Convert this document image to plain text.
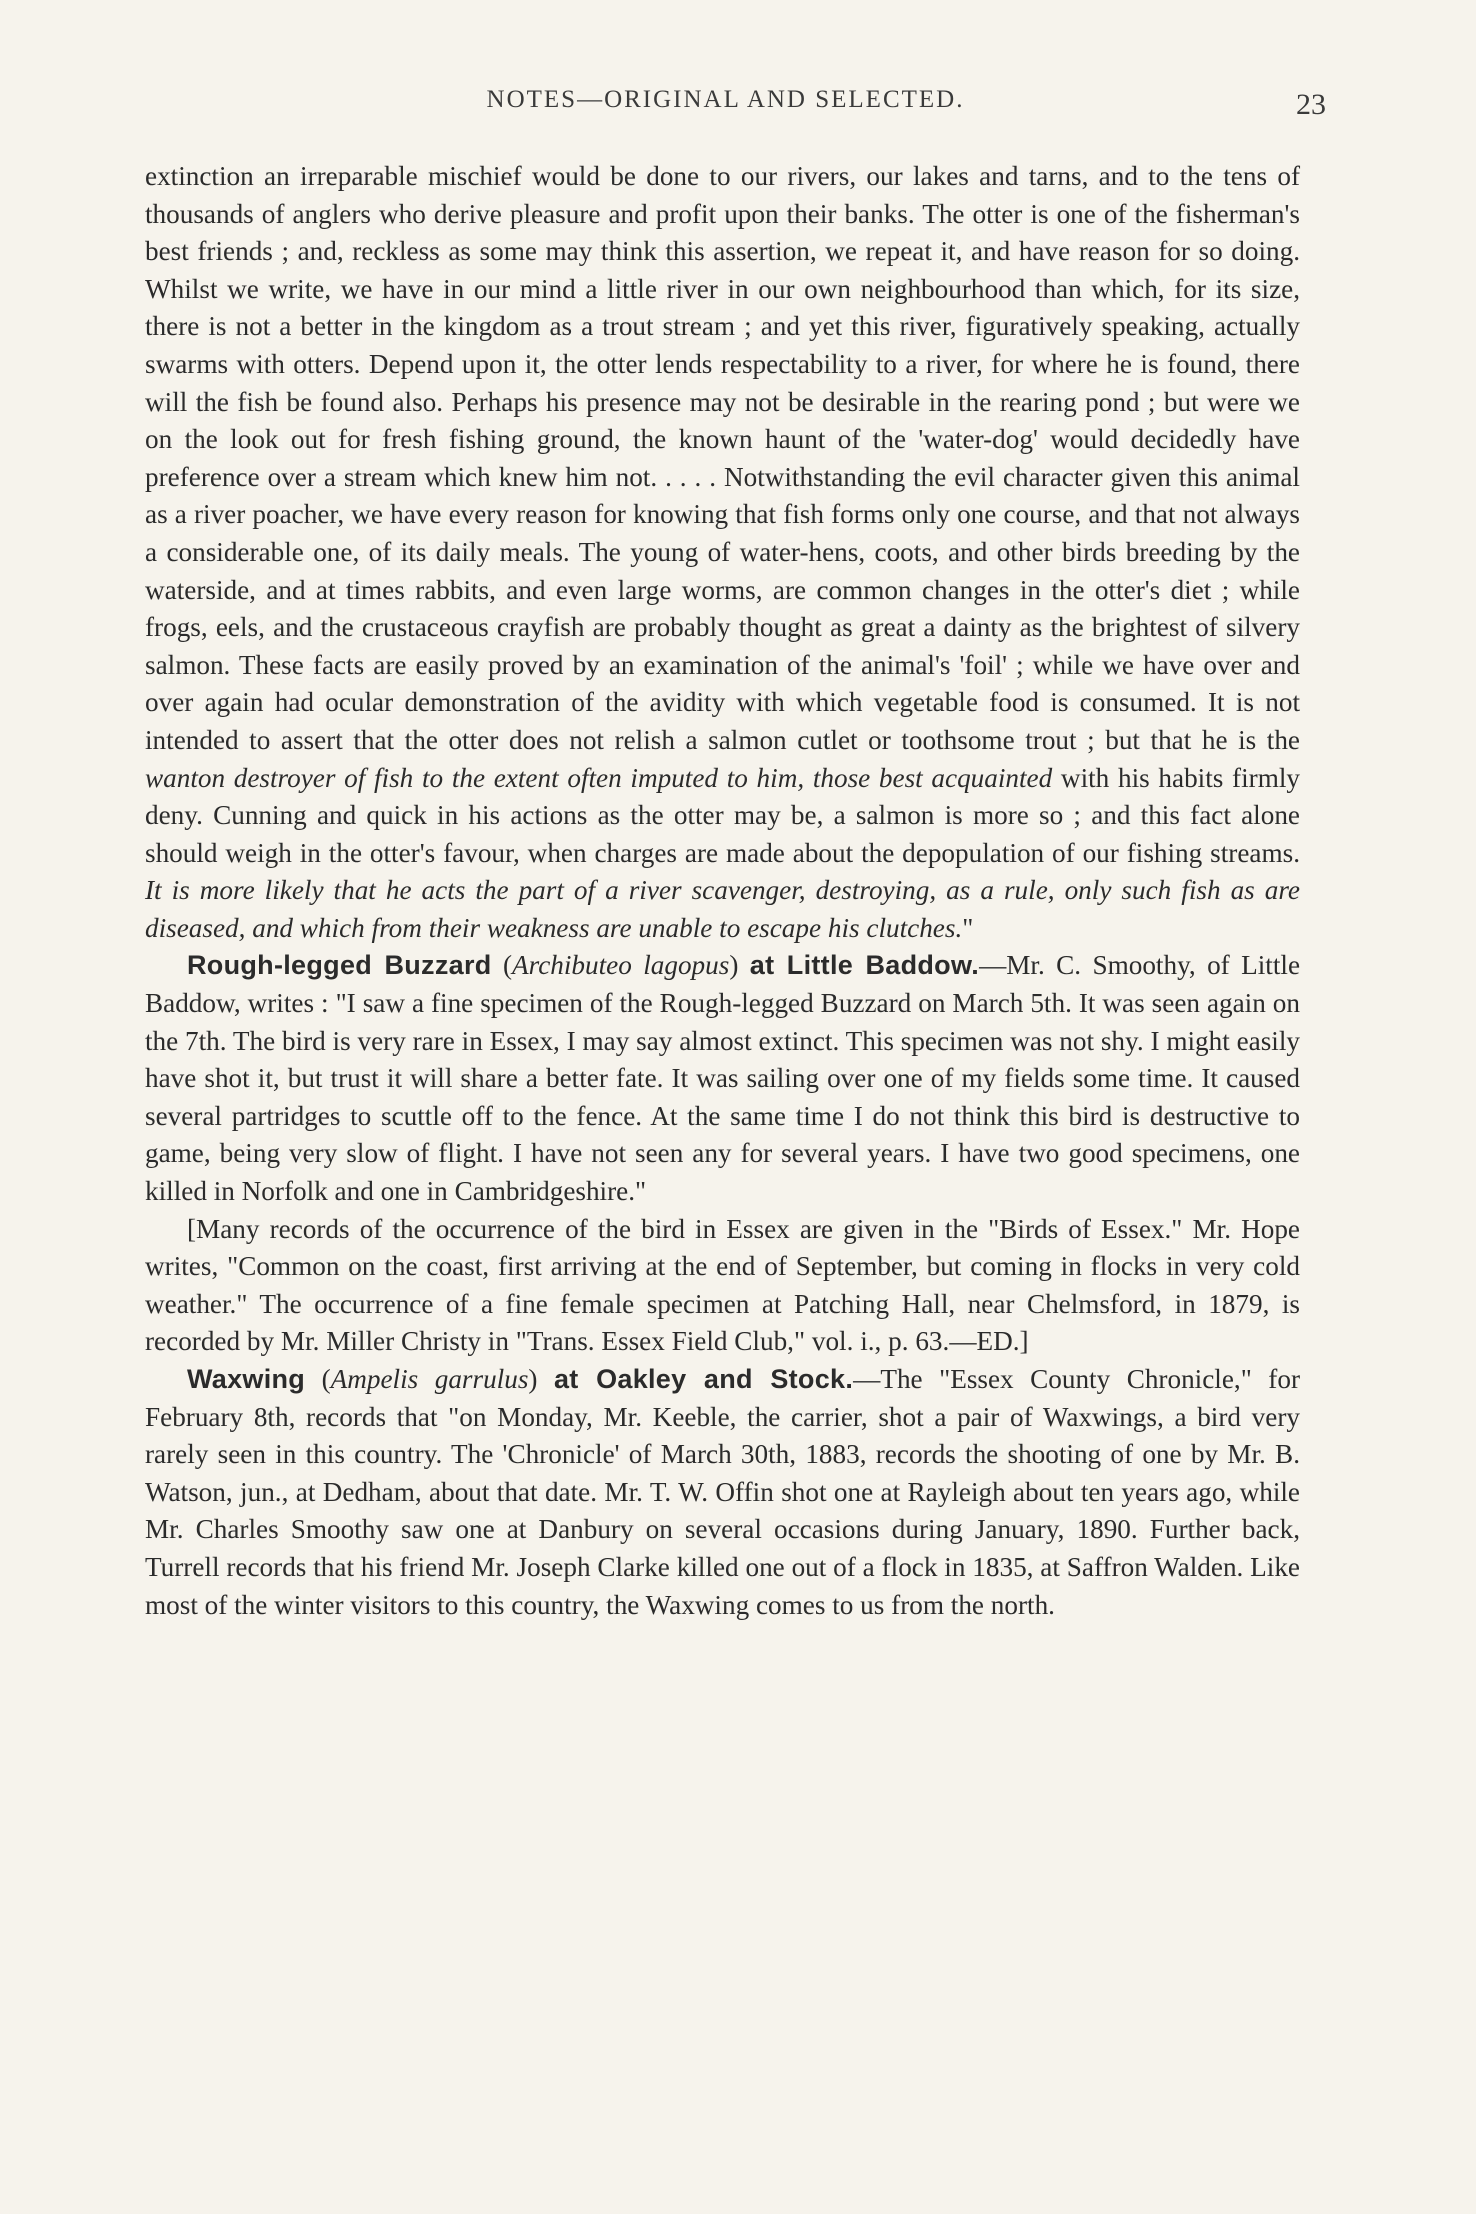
NOTES—ORIGINAL AND SELECTED.	23

extinction an irreparable mischief would be done to our rivers, our lakes and tarns, and to the tens of thousands of anglers who derive pleasure and profit upon their banks. The otter is one of the fisherman's best friends ; and, reckless as some may think this assertion, we repeat it, and have reason for so doing. Whilst we write, we have in our mind a little river in our own neighbourhood than which, for its size, there is not a better in the kingdom as a trout stream ; and yet this river, figuratively speaking, actually swarms with otters. Depend upon it, the otter lends respectability to a river, for where he is found, there will the fish be found also. Perhaps his presence may not be desirable in the rearing pond ; but were we on the look out for fresh fishing ground, the known haunt of the 'water-dog' would decidedly have preference over a stream which knew him not. . . . . Notwithstanding the evil character given this animal as a river poacher, we have every reason for knowing that fish forms only one course, and that not always a considerable one, of its daily meals. The young of water-hens, coots, and other birds breeding by the waterside, and at times rabbits, and even large worms, are common changes in the otter's diet ; while frogs, eels, and the crustaceous crayfish are probably thought as great a dainty as the brightest of silvery salmon. These facts are easily proved by an examination of the animal's 'foil' ; while we have over and over again had ocular demonstration of the avidity with which vegetable food is consumed. It is not intended to assert that the otter does not relish a salmon cutlet or toothsome trout ; but that he is the wanton destroyer of fish to the extent often imputed to him, those best acquainted with his habits firmly deny. Cunning and quick in his actions as the otter may be, a salmon is more so ; and this fact alone should weigh in the otter's favour, when charges are made about the depopulation of our fishing streams. It is more likely that he acts the part of a river scavenger, destroying, as a rule, only such fish as are diseased, and which from their weakness are unable to escape his clutches."

Rough-legged Buzzard (Archibuteo lagopus) at Little Baddow.—Mr. C. Smoothy, of Little Baddow, writes : "I saw a fine specimen of the Rough-legged Buzzard on March 5th. It was seen again on the 7th. The bird is very rare in Essex, I may say almost extinct. This specimen was not shy. I might easily have shot it, but trust it will share a better fate. It was sailing over one of my fields some time. It caused several partridges to scuttle off to the fence. At the same time I do not think this bird is destructive to game, being very slow of flight. I have not seen any for several years. I have two good specimens, one killed in Norfolk and one in Cambridgeshire."

[Many records of the occurrence of the bird in Essex are given in the "Birds of Essex." Mr. Hope writes, "Common on the coast, first arriving at the end of September, but coming in flocks in very cold weather." The occurrence of a fine female specimen at Patching Hall, near Chelmsford, in 1879, is recorded by Mr. Miller Christy in "Trans. Essex Field Club," vol. i., p. 63.—ED.]

Waxwing (Ampelis garrulus) at Oakley and Stock.—The "Essex County Chronicle," for February 8th, records that "on Monday, Mr. Keeble, the carrier, shot a pair of Waxwings, a bird very rarely seen in this country. The 'Chronicle' of March 30th, 1883, records the shooting of one by Mr. B. Watson, jun., at Dedham, about that date. Mr. T. W. Offin shot one at Rayleigh about ten years ago, while Mr. Charles Smoothy saw one at Danbury on several occasions during January, 1890. Further back, Turrell records that his friend Mr. Joseph Clarke killed one out of a flock in 1835, at Saffron Walden. Like most of the winter visitors to this country, the Waxwing comes to us from the north.
